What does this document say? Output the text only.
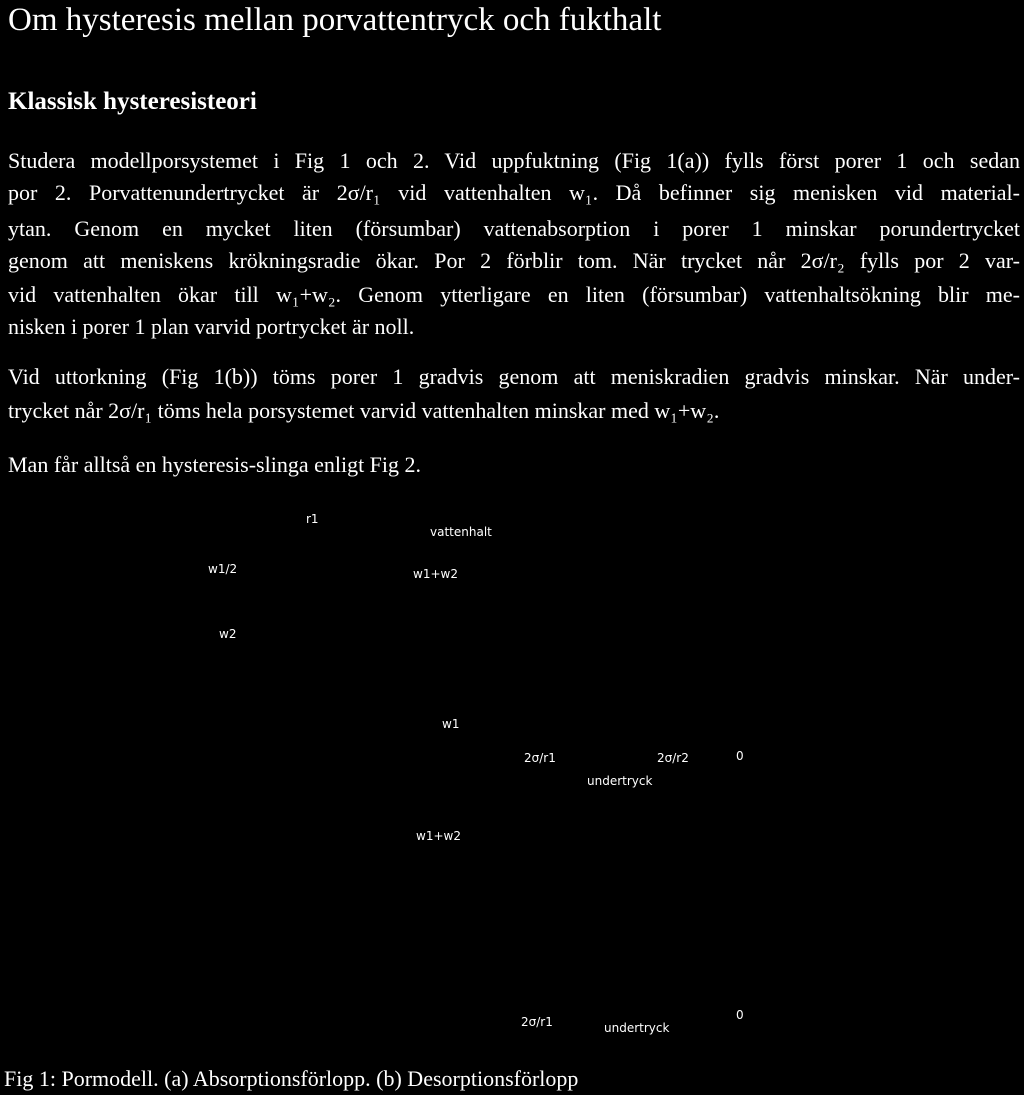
Om hysteresis mellan porvattentryck och fukthalt
Klassisk hysteresisteori
Studera modellporsystemet i Fig 1 och 2. Vid uppfuktning (Fig 1(a)) fylls först porer 1 och sedan
por 2. Porvattenundertrycket är 2σ/r₁ vid vattenhalten w₁. Då befinner sig menisken vid material-
ytan. Genom en mycket liten (försumbar) vattenabsorption i porer 1 minskar porundertrycket
genom att meniskens krökningsradie ökar. Por 2 förblir tom. När trycket når 2σ/r₂ fylls por 2 var-
vid vattenhalten ökar till w₁+w₂. Genom ytterligare en liten (försumbar) vattenhaltsökning blir me-
nisken i porer 1 plan varvid portrycket är noll.
Vid uttorkning (Fig 1(b)) töms porer 1 gradvis genom att meniskradien gradvis minskar. När under-
trycket når 2σ/r₁ töms hela porsystemet varvid vattenhalten minskar med w₁+w₂.
Man får alltså en hysteresis-slinga enligt Fig 2.
r1
vattenhalt
w1/2	w1+w2
w2
w1
2σ/r1	2σ/r2	0
undertryck
w1+w2
2σ/r1	undertryck
0
Fig 1: Pormodell. (a) Absorptionsförlopp. (b) Desorptionsförlopp
